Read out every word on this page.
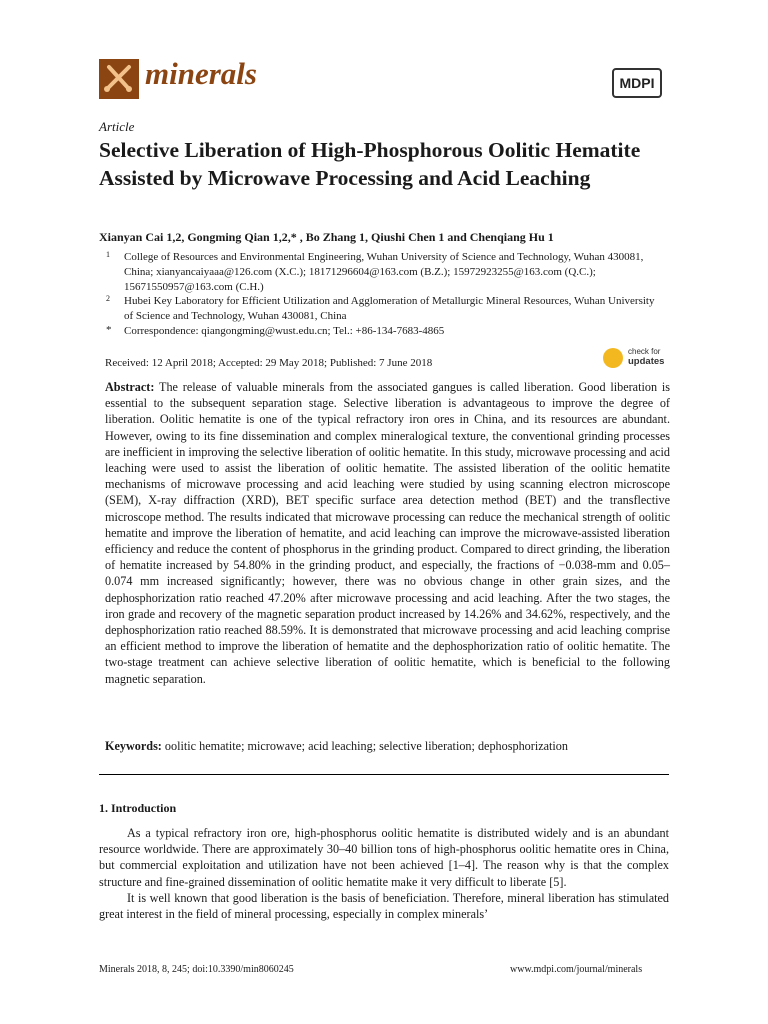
minerals	MDPI
Article
Selective Liberation of High-Phosphorous Oolitic Hematite Assisted by Microwave Processing and Acid Leaching
Xianyan Cai 1,2, Gongming Qian 1,2,* , Bo Zhang 1, Qiushi Chen 1 and Chenqiang Hu 1
1 College of Resources and Environmental Engineering, Wuhan University of Science and Technology, Wuhan 430081, China; xianyancaiyaaa@126.com (X.C.); 18171296604@163.com (B.Z.); 15972923255@163.com (Q.C.); 15671550957@163.com (C.H.)
2 Hubei Key Laboratory for Efficient Utilization and Agglomeration of Metallurgic Mineral Resources, Wuhan University of Science and Technology, Wuhan 430081, China
* Correspondence: qiangongming@wust.edu.cn; Tel.: +86-134-7683-4865
Received: 12 April 2018; Accepted: 29 May 2018; Published: 7 June 2018
check for
updates
Abstract: The release of valuable minerals from the associated gangues is called liberation. Good liberation is essential to the subsequent separation stage. Selective liberation is advantageous to improve the degree of liberation. Oolitic hematite is one of the typical refractory iron ores in China, and its resources are abundant. However, owing to its fine dissemination and complex mineralogical texture, the conventional grinding processes are inefficient in improving the selective liberation of oolitic hematite. In this study, microwave processing and acid leaching were used to assist the liberation of oolitic hematite. The assisted liberation of the oolitic hematite mechanisms of microwave processing and acid leaching were studied by using scanning electron microscope (SEM), X-ray diffraction (XRD), BET specific surface area detection method (BET) and the transflective microscope method. The results indicated that microwave processing can reduce the mechanical strength of oolitic hematite and improve the liberation of hematite, and acid leaching can improve the microwave-assisted liberation efficiency and reduce the content of phosphorus in the grinding product. Compared to direct grinding, the liberation of hematite increased by 54.80% in the grinding product, and especially, the fractions of −0.038-mm and 0.05–0.074 mm increased significantly; however, there was no obvious change in other grain sizes, and the dephosphorization ratio reached 47.20% after microwave processing and acid leaching. After the two stages, the iron grade and recovery of the magnetic separation product increased by 14.26% and 34.62%, respectively, and the dephosphorization ratio reached 88.59%. It is demonstrated that microwave processing and acid leaching comprise an efficient method to improve the liberation of hematite and the dephosphorization ratio of oolitic hematite. The two-stage treatment can achieve selective liberation of oolitic hematite, which is beneficial to the following magnetic separation.
Keywords: oolitic hematite; microwave; acid leaching; selective liberation; dephosphorization
1. Introduction

As a typical refractory iron ore, high-phosphorus oolitic hematite is distributed widely and is an abundant resource worldwide. There are approximately 30–40 billion tons of high-phosphorus oolitic hematite ores in China, but commercial exploitation and utilization have not been achieved [1–4]. The reason why is that the complex structure and fine-grained dissemination of oolitic hematite make it very difficult to liberate [5].

It is well known that good liberation is the basis of beneficiation. Therefore, mineral liberation has stimulated great interest in the field of mineral processing, especially in complex minerals’

Minerals 2018, 8, 245; doi:10.3390/min8060245	www.mdpi.com/journal/minerals
